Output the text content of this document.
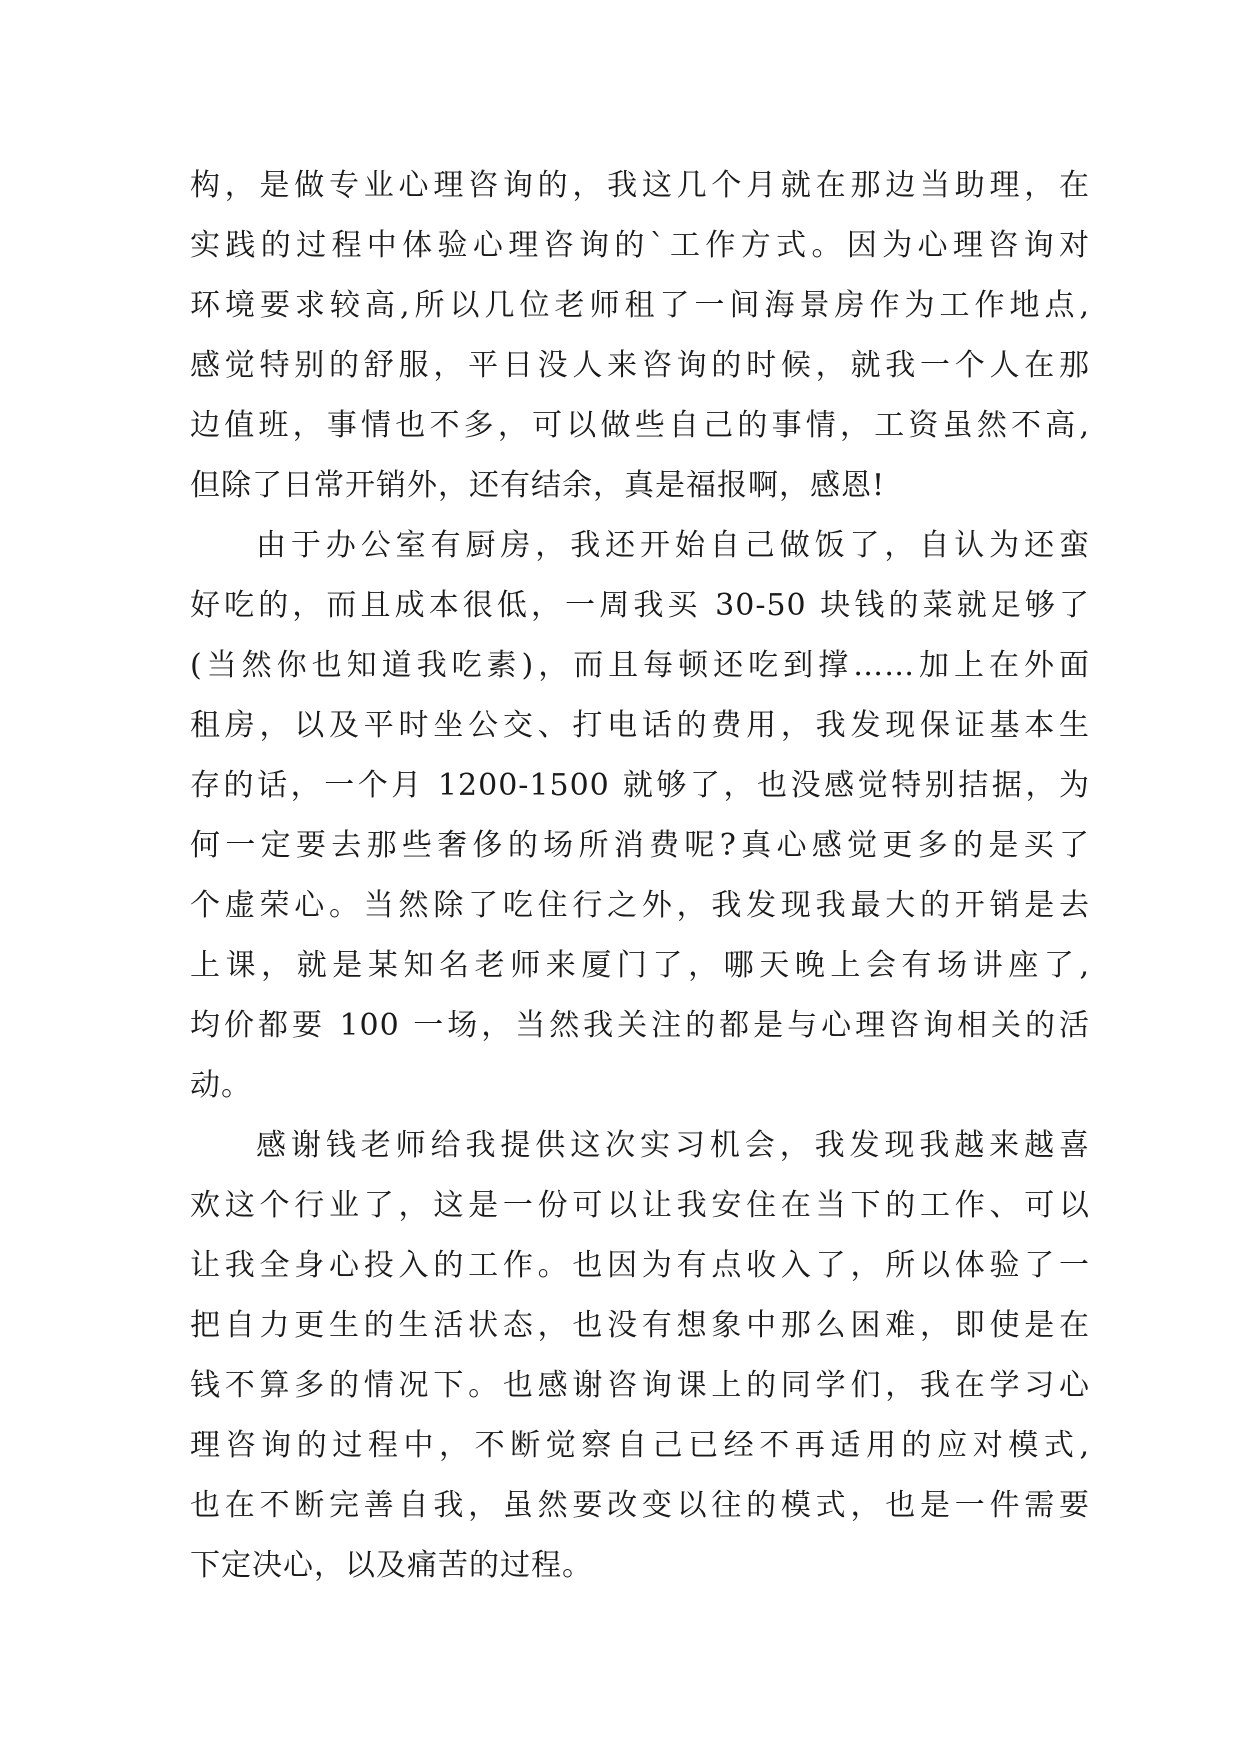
构，是做专业心理咨询的，我这几个月就在那边当助理，在
实践的过程中体验心理咨询的`工作方式。因为心理咨询对
环境要求较高,所以几位老师租了一间海景房作为工作地点,
感觉特别的舒服，平日没人来咨询的时候，就我一个人在那
边值班，事情也不多，可以做些自己的事情，工资虽然不高,
但除了日常开销外，还有结余，真是福报啊，感恩!
由于办公室有厨房，我还开始自己做饭了，自认为还蛮
好吃的，而且成本很低，一周我买 30-50 块钱的菜就足够了
(当然你也知道我吃素)，而且每顿还吃到撑……加上在外面
租房，以及平时坐公交、打电话的费用，我发现保证基本生
存的话，一个月 1200-1500 就够了，也没感觉特别拮据，为
何一定要去那些奢侈的场所消费呢?真心感觉更多的是买了
个虚荣心。当然除了吃住行之外，我发现我最大的开销是去
上课，就是某知名老师来厦门了，哪天晚上会有场讲座了,
均价都要 100 一场，当然我关注的都是与心理咨询相关的活
动。
感谢钱老师给我提供这次实习机会，我发现我越来越喜
欢这个行业了，这是一份可以让我安住在当下的工作、可以
让我全身心投入的工作。也因为有点收入了，所以体验了一
把自力更生的生活状态，也没有想象中那么困难，即使是在
钱不算多的情况下。也感谢咨询课上的同学们，我在学习心
理咨询的过程中，不断觉察自己已经不再适用的应对模式,
也在不断完善自我，虽然要改变以往的模式，也是一件需要
下定决心，以及痛苦的过程。
